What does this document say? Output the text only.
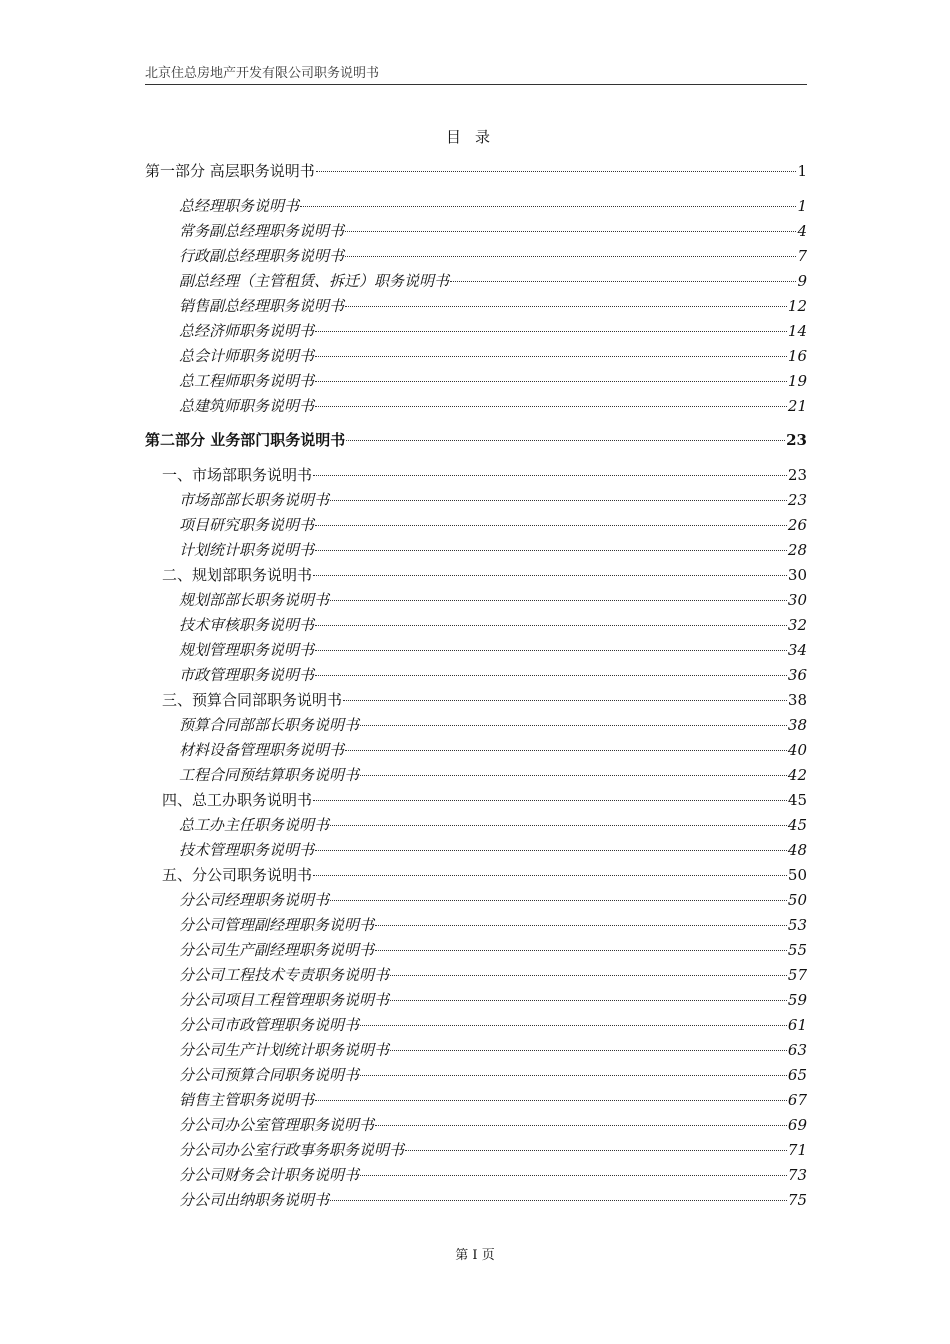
北京住总房地产开发有限公司职务说明书
目录
第一部分 高层职务说明书	1
总经理职务说明书	1
常务副总经理职务说明书	4
行政副总经理职务说明书	7
副总经理（主管租赁、拆迁）职务说明书	9
销售副总经理职务说明书	12
总经济师职务说明书	14
总会计师职务说明书	16
总工程师职务说明书	19
总建筑师职务说明书	21
第二部分 业务部门职务说明书	23
一、市场部职务说明书	23
市场部部长职务说明书	23
项目研究职务说明书	26
计划统计职务说明书	28
二、规划部职务说明书	30
规划部部长职务说明书	30
技术审核职务说明书	32
规划管理职务说明书	34
市政管理职务说明书	36
三、预算合同部职务说明书	38
预算合同部部长职务说明书	38
材料设备管理职务说明书	40
工程合同预结算职务说明书	42
四、总工办职务说明书	45
总工办主任职务说明书	45
技术管理职务说明书	48
五、分公司职务说明书	50
分公司经理职务说明书	50
分公司管理副经理职务说明书	53
分公司生产副经理职务说明书	55
分公司工程技术专责职务说明书	57
分公司项目工程管理职务说明书	59
分公司市政管理职务说明书	61
分公司生产计划统计职务说明书	63
分公司预算合同职务说明书	65
销售主管职务说明书	67
分公司办公室管理职务说明书	69
分公司办公室行政事务职务说明书	71
分公司财务会计职务说明书	73
分公司出纳职务说明书	75
第 I 页
